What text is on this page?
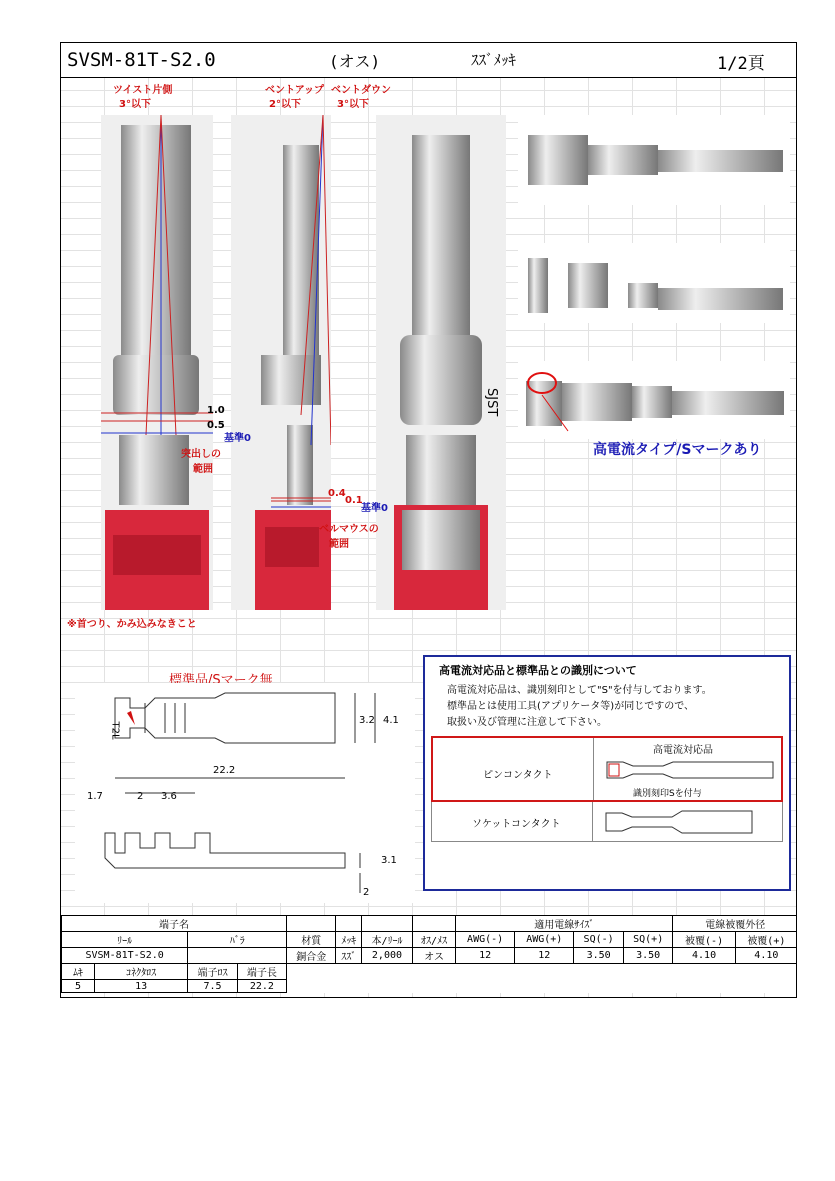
SVSM-81T-S2.0	(オス)	ｽｽﾞﾒｯｷ	1/2頁
ツイスト片側
3°以下
ベントアップ
2°以下
ベントダウン
3°以下
1.0
0.5
基準0
突出しの
範囲
0.4
0.1
基準0
ベルマウスの
範囲
※首つり、かみ込みなきこと
SJST
高電流タイプ/Sマークあり
標準品/Sマーク無
T2L
3.2 4.1
22.2
1.7	2 3.6
3.1
2
高電流対応品と標準品との識別について
高電流対応品は、識別刻印として"S"を付与しております。
標準品とは使用工具(アプリケータ等)が同じですので、
取扱い及び管理に注意して下さい。
高電流対応品
ピンコンタクト
識別刻印Sを付与
ソケットコンタクト
端子名								適用電線ｻｲｽﾞ				電線被覆外径	
ﾘｰﾙ		ﾊﾞﾗ		材質	ﾒｯｷ	本/ﾘｰﾙ	ｵｽ/ﾒｽ	AWG(-)	AWG(+)	SQ(-)	SQ(+)	被覆(-)	被覆(+)
SVSM-81T-S2.0				銅合金	ｽｽﾞ	2,000	オス	12	12	3.50	3.50	4.10	4.10
ﾑｷ	ｺﾈｸﾀﾛｽ	端子ﾛｽ	端子長										
5	13	7.5	22.2										
